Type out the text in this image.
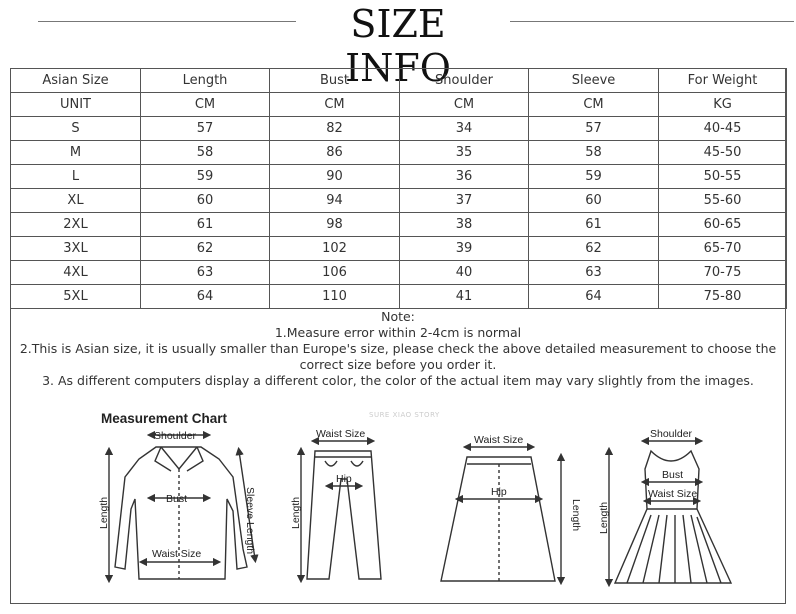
SIZE INFO
Asian Size	Length	Bust	Shoulder	Sleeve	For Weight
UNIT	CM	CM	CM	CM	KG
S	57	82	34	57	40-45
M	58	86	35	58	45-50
L	59	90	36	59	50-55
XL	60	94	37	60	55-60
2XL	61	98	38	61	60-65
3XL	62	102	39	62	65-70
4XL	63	106	40	63	70-75
5XL	64	110	41	64	75-80
Note:
1.Measure error within 2-4cm is normal
2.This is Asian size, it is usually smaller than Europe's size, please check the above detailed measurement to choose the correct size before you order it.
3. As different computers display a different color, the color of the actual item may vary slightly from the images.
Measurement Chart	SURE XIAO STORY
Shoulder
Bust
Waist Size
Length	Sleeve Length
Waist Size
Hip
Length
Waist Size
Hip
Length
Shoulder
Bust
Waist Size
Length
